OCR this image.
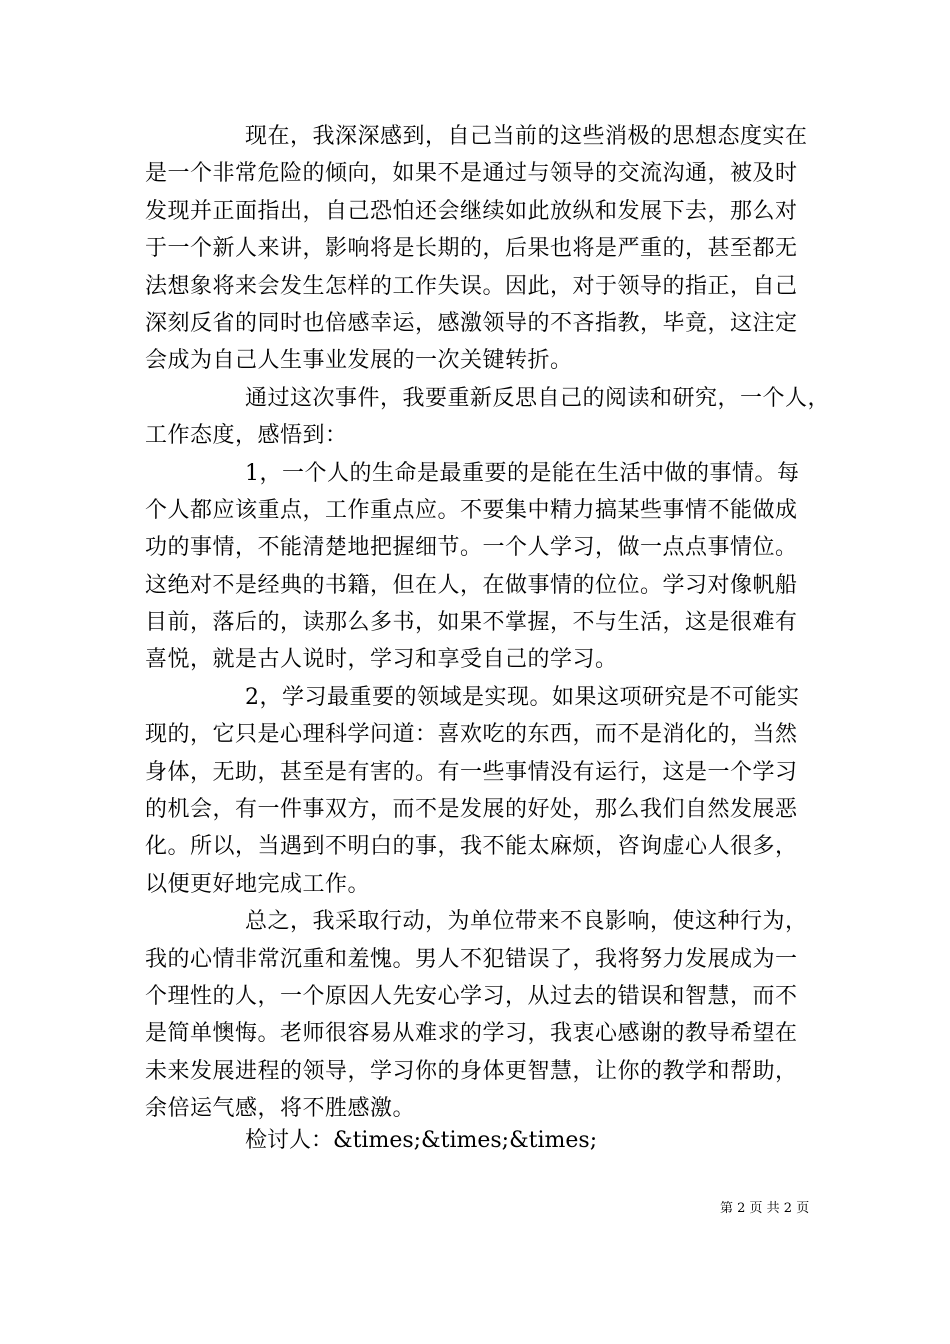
现在，我深深感到，自己当前的这些消极的思想态度实在
是一个非常危险的倾向，如果不是通过与领导的交流沟通，被及时
发现并正面指出，自己恐怕还会继续如此放纵和发展下去，那么对
于一个新人来讲，影响将是长期的，后果也将是严重的，甚至都无
法想象将来会发生怎样的工作失误。因此，对于领导的指正，自己
深刻反省的同时也倍感幸运，感激领导的不吝指教，毕竟，这注定
会成为自己人生事业发展的一次关键转折。
通过这次事件，我要重新反思自己的阅读和研究，一个人，
工作态度，感悟到：
1，一个人的生命是最重要的是能在生活中做的事情。每
个人都应该重点，工作重点应。不要集中精力搞某些事情不能做成
功的事情，不能清楚地把握细节。一个人学习，做一点点事情位。
这绝对不是经典的书籍，但在人，在做事情的位位。学习对像帆船
目前，落后的，读那么多书，如果不掌握，不与生活，这是很难有
喜悦，就是古人说时，学习和享受自己的学习。
2，学习最重要的领域是实现。如果这项研究是不可能实
现的，它只是心理科学问道：喜欢吃的东西，而不是消化的，当然
身体，无助，甚至是有害的。有一些事情没有运行，这是一个学习
的机会，有一件事双方，而不是发展的好处，那么我们自然发展恶
化。所以，当遇到不明白的事，我不能太麻烦，咨询虚心人很多，
以便更好地完成工作。
总之，我采取行动，为单位带来不良影响，使这种行为，
我的心情非常沉重和羞愧。男人不犯错误了，我将努力发展成为一
个理性的人，一个原因人先安心学习，从过去的错误和智慧，而不
是简单懊悔。老师很容易从难求的学习，我衷心感谢的教导希望在
未来发展进程的领导，学习你的身体更智慧，让你的教学和帮助，
余倍运气感，将不胜感激。
检讨人：&times;&times;&times;
第 2 页 共 2 页
